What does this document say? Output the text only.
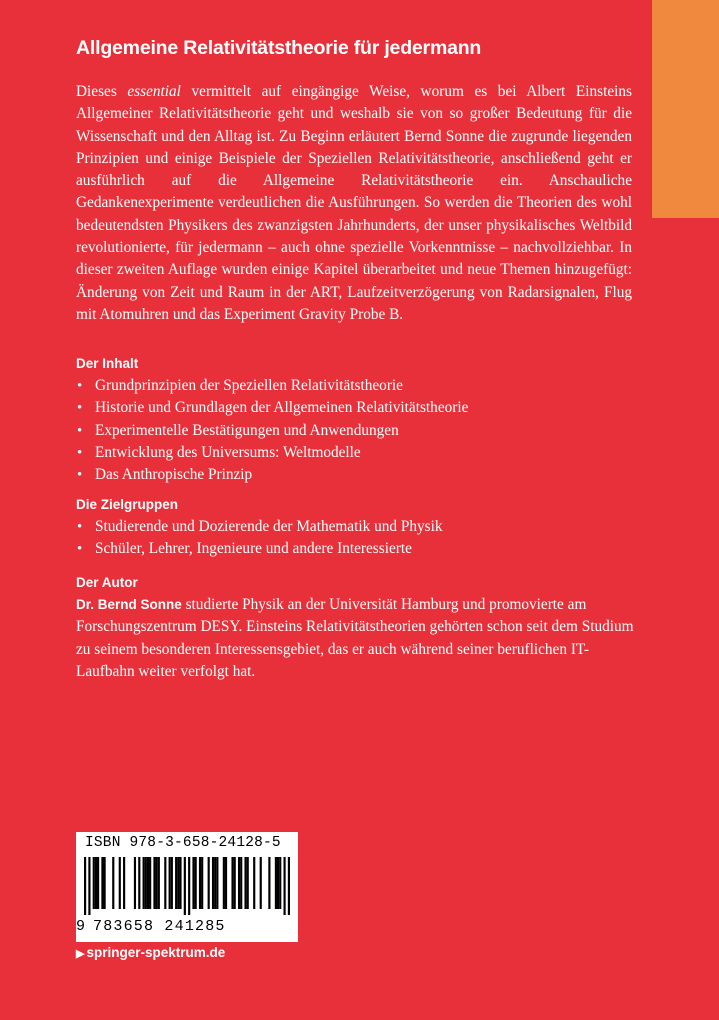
Allgemeine Relativitätstheorie für jedermann

Dieses essential vermittelt auf eingängige Weise, worum es bei Albert Einsteins Allgemeiner Relativitätstheorie geht und weshalb sie von so großer Bedeutung für die Wissenschaft und den Alltag ist. Zu Beginn erläutert Bernd Sonne die zugrunde liegenden Prinzipien und einige Beispiele der Speziellen Relativitätstheorie, anschließend geht er ausführlich auf die Allgemeine Relativitätstheorie ein. Anschauliche Gedankenexperimente verdeutlichen die Ausführungen. So werden die Theorien des wohl bedeutendsten Physikers des zwanzigsten Jahrhunderts, der unser physikalisches Weltbild revolutionierte, für jedermann – auch ohne spezielle Vorkenntnisse – nachvollziehbar. In dieser zweiten Auflage wurden einige Kapitel überarbeitet und neue Themen hinzugefügt: Änderung von Zeit und Raum in der ART, Laufzeitverzögerung von Radarsignalen, Flug mit Atomuhren und das Experiment Gravity Probe B.

Der Inhalt
• Grundprinzipien der Speziellen Relativitätstheorie
• Historie und Grundlagen der Allgemeinen Relativitätstheorie
• Experimentelle Bestätigungen und Anwendungen
• Entwicklung des Universums: Weltmodelle
• Das Anthropische Prinzip
Die Zielgruppen
• Studierende und Dozierende der Mathematik und Physik
• Schüler, Lehrer, Ingenieure und andere Interessierte
Der Autor

Dr. Bernd Sonne studierte Physik an der Universität Hamburg und promovierte am Forschungszentrum DESY. Einsteins Relativitätstheorien gehörten schon seit dem Studium zu seinem besonderen Interessensgebiet, das er auch während seiner beruflichen IT-Laufbahn weiter verfolgt hat.

ISBN 978-3-658-24128-5
9 783658 241285
▶ springer-spektrum.de
